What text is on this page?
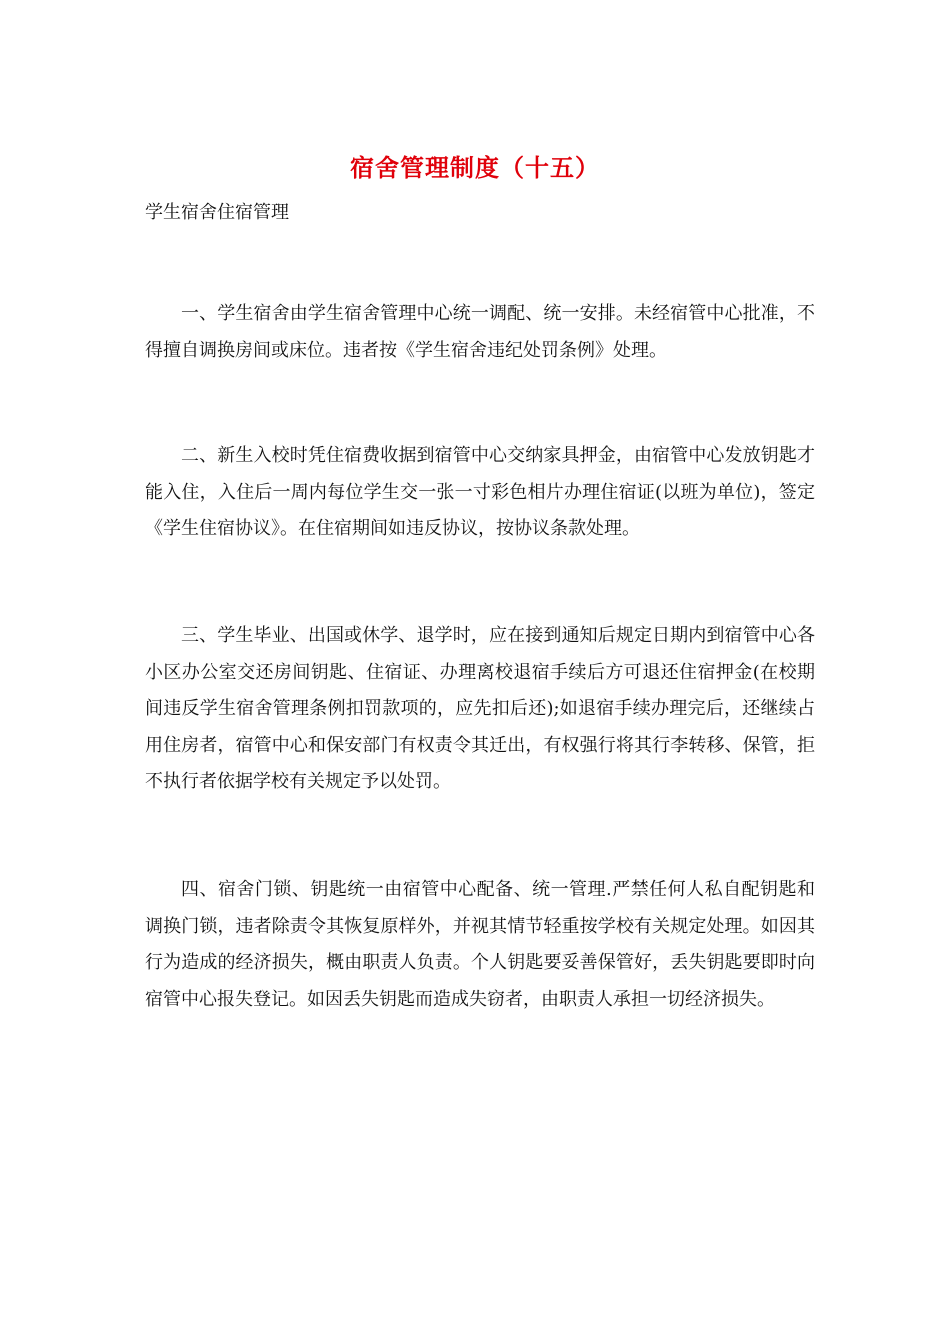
宿舍管理制度（十五）
学生宿舍住宿管理

一、学生宿舍由学生宿舍管理中心统一调配、统一安排。未经宿管中心批准，不得擅自调换房间或床位。违者按《学生宿舍违纪处罚条例》处理。

二、新生入校时凭住宿费收据到宿管中心交纳家具押金，由宿管中心发放钥匙才能入住，入住后一周内每位学生交一张一寸彩色相片办理住宿证(以班为单位)，签定《学生住宿协议》。在住宿期间如违反协议，按协议条款处理。

三、学生毕业、出国或休学、退学时，应在接到通知后规定日期内到宿管中心各小区办公室交还房间钥匙、住宿证、办理离校退宿手续后方可退还住宿押金(在校期间违反学生宿舍管理条例扣罚款项的，应先扣后还);如退宿手续办理完后，还继续占用住房者，宿管中心和保安部门有权责令其迁出，有权强行将其行李转移、保管，拒不执行者依据学校有关规定予以处罚。

四、宿舍门锁、钥匙统一由宿管中心配备、统一管理.严禁任何人私自配钥匙和调换门锁，违者除责令其恢复原样外，并视其情节轻重按学校有关规定处理。如因其行为造成的经济损失，概由职责人负责。个人钥匙要妥善保管好，丢失钥匙要即时向宿管中心报失登记。如因丢失钥匙而造成失窃者，由职责人承担一切经济损失。
